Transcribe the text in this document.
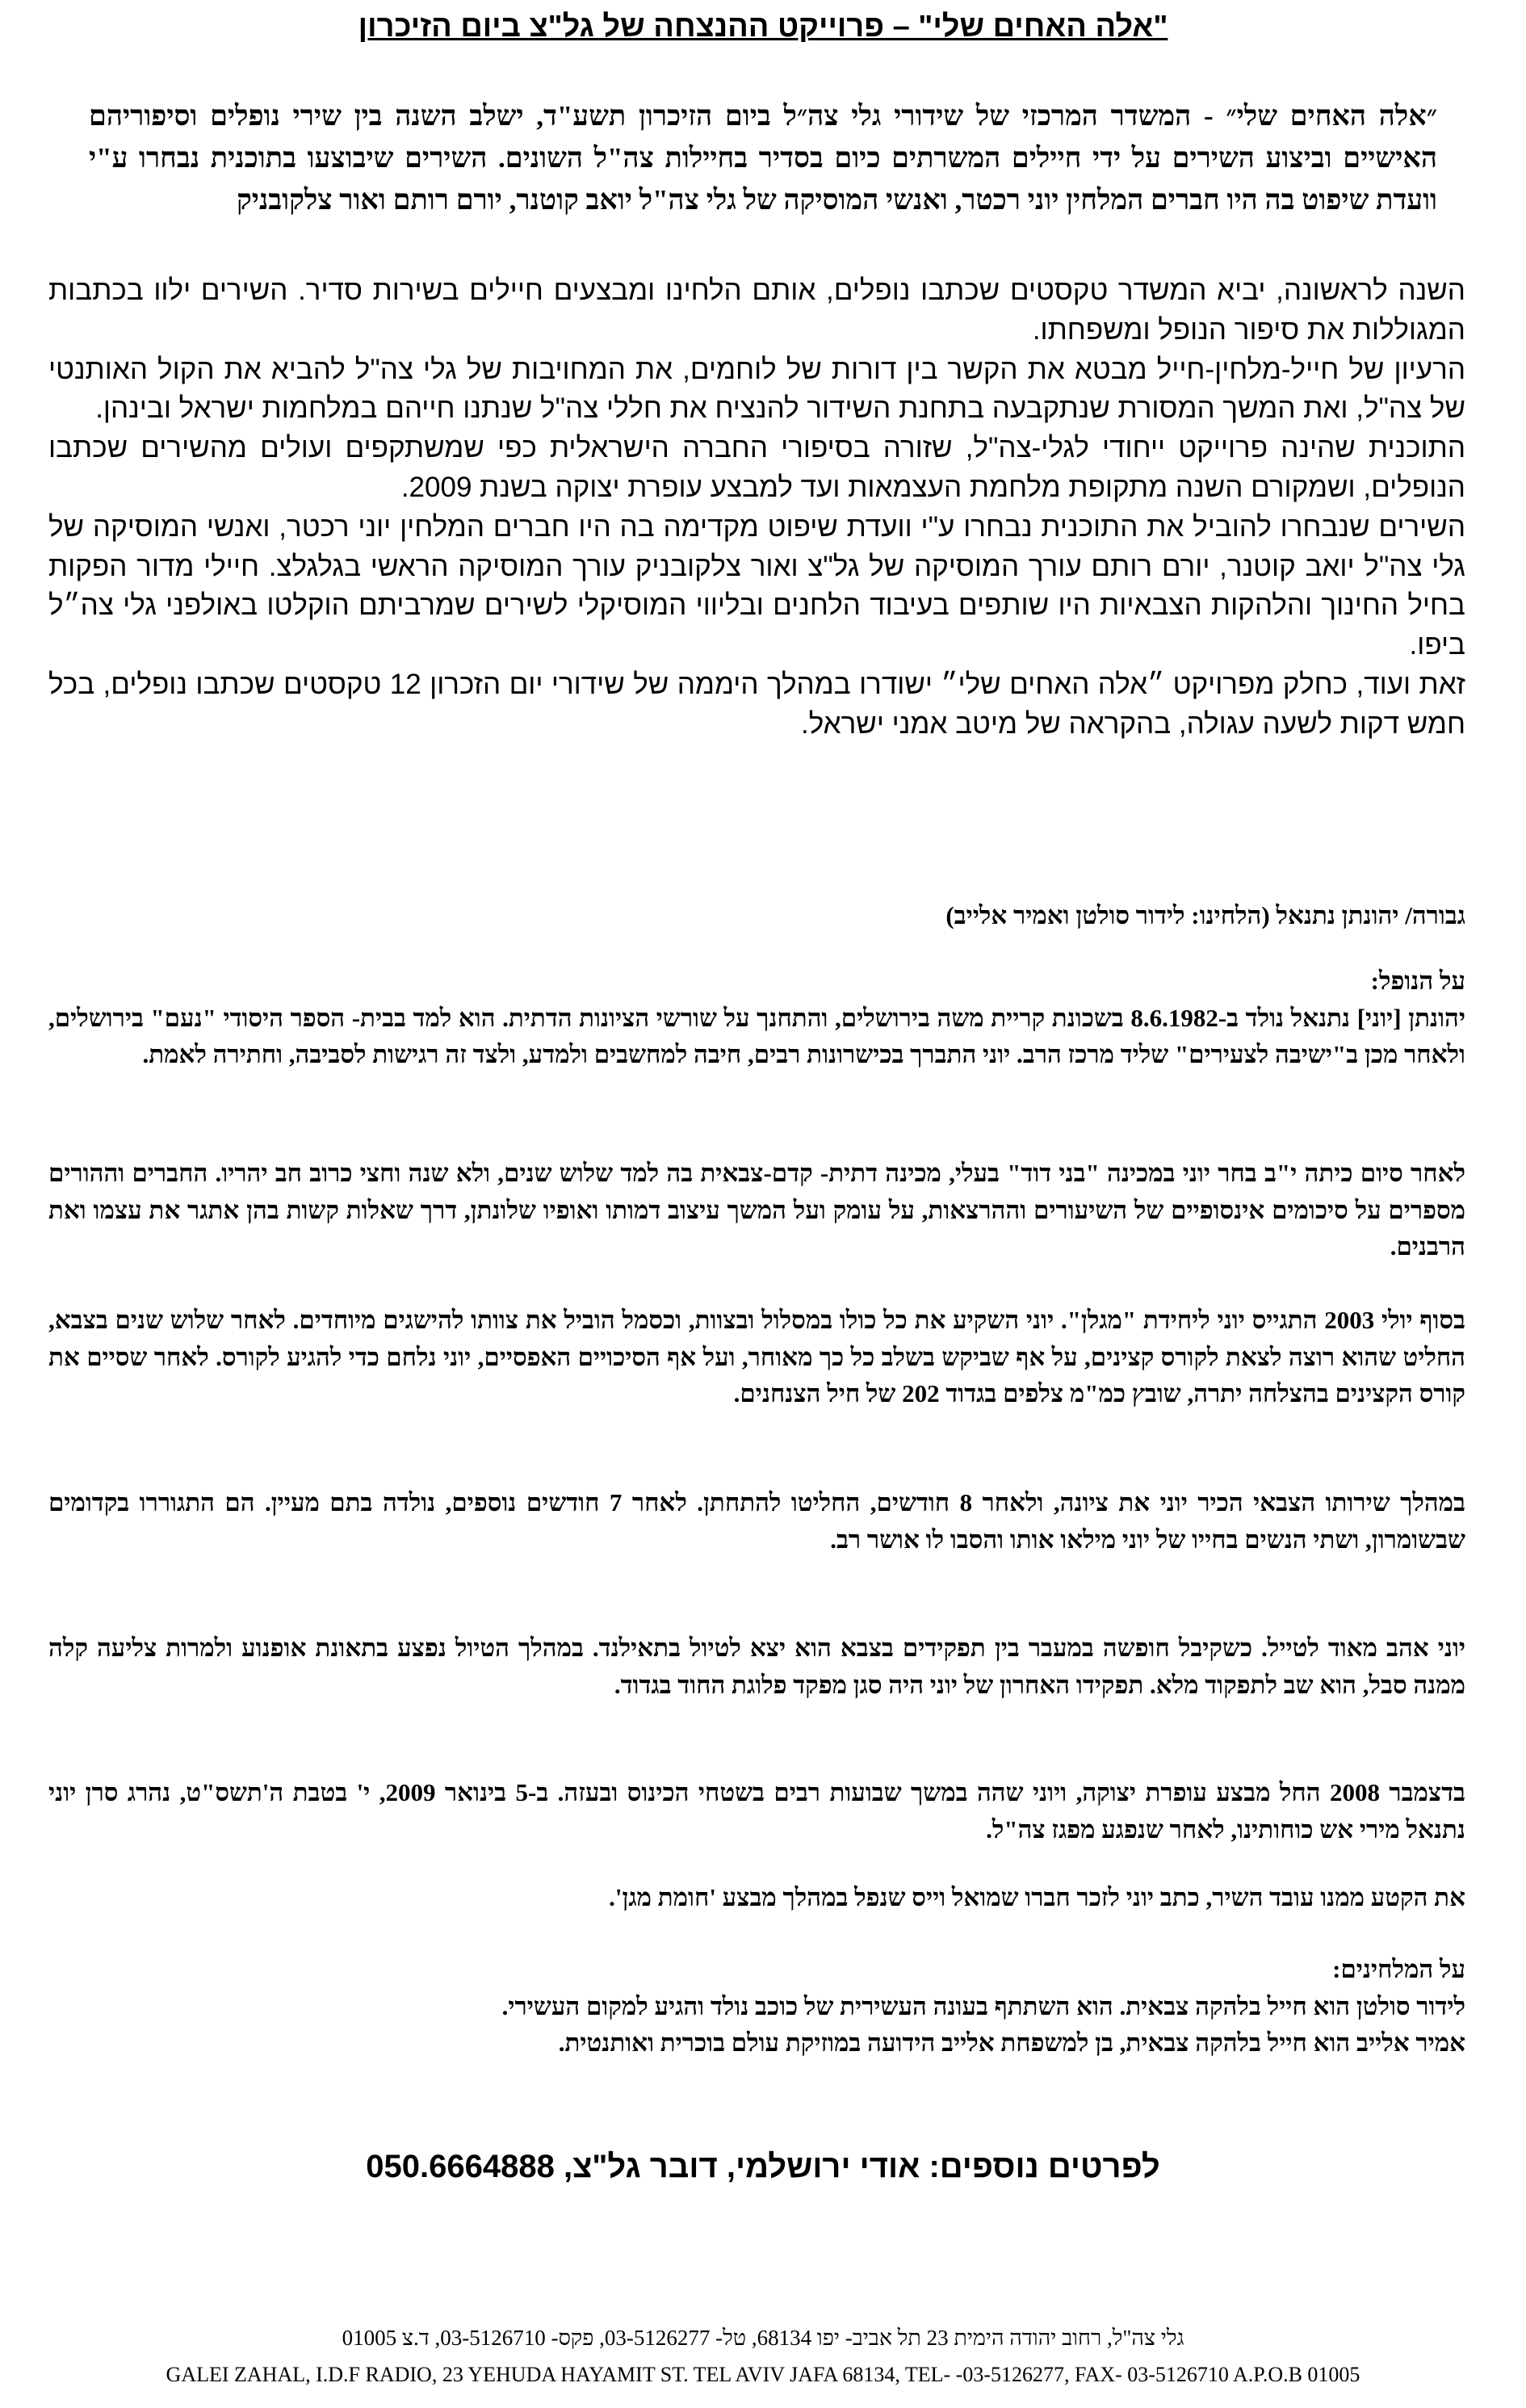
"אלה האחים שלי" – פרוייקט ההנצחה של גל"צ ביום הזיכרון

״אלה האחים שלי״ - המשדר המרכזי של שידורי גלי צה״ל ביום הזיכרון תשע"ד, ישלב השנה בין שירי נופלים וסיפוריהם האישיים וביצוע השירים על ידי חיילים המשרתים כיום בסדיר בחיילות צה"ל השונים. השירים שיבוצעו בתוכנית נבחרו ע"י וועדת שיפוט בה היו חברים המלחין יוני רכטר, ואנשי המוסיקה של גלי צה"ל יואב קוטנר, יורם רותם ואור צלקובניק

השנה לראשונה, יביא המשדר טקסטים שכתבו נופלים, אותם הלחינו ומבצעים חיילים בשירות סדיר. השירים ילוו בכתבות המגוללות את סיפור הנופל ומשפחתו.

הרעיון של חייל-מלחין-חייל מבטא את הקשר בין דורות של לוחמים, את המחויבות של גלי צה"ל להביא את הקול האותנטי של צה"ל, ואת המשך המסורת שנתקבעה בתחנת השידור להנציח את חללי צה"ל שנתנו חייהם במלחמות ישראל ובינהן.

התוכנית שהינה פרוייקט ייחודי לגלי-צה"ל, שזורה בסיפורי החברה הישראלית כפי שמשתקפים ועולים מהשירים שכתבו הנופלים, ושמקורם השנה מתקופת מלחמת העצמאות ועד למבצע עופרת יצוקה בשנת 2009.

השירים שנבחרו להוביל את התוכנית נבחרו ע"י וועדת שיפוט מקדימה בה היו חברים המלחין יוני רכטר, ואנשי המוסיקה של גלי צה"ל יואב קוטנר, יורם רותם עורך המוסיקה של גל"צ ואור צלקובניק עורך המוסיקה הראשי בגלגלצ. חיילי מדור הפקות בחיל החינוך והלהקות הצבאיות היו שותפים בעיבוד הלחנים ובליווי המוסיקלי לשירים שמרביתם הוקלטו באולפני גלי צה״ל ביפו.

זאת ועוד, כחלק מפרויקט ״אלה האחים שלי״ ישודרו במהלך היממה של שידורי יום הזכרון 12 טקסטים שכתבו נופלים, בכל חמש דקות לשעה עגולה, בהקראה של מיטב אמני ישראל.

גבורה/ יהונתן נתנאל (הלחינו: לידור סולטן ואמיר אלייב)

על הנופל:

יהונתן [יוני] נתנאל נולד ב-8.6.1982 בשכונת קריית משה בירושלים, והתחנך על שורשי הציונות הדתית. הוא למד בבית- הספר היסודי "נעם" בירושלים, ולאחר מכן ב"ישיבה לצעירים" שליד מרכז הרב. יוני התברך בכישרונות רבים, חיבה למחשבים ולמדע, ולצד זה רגישות לסביבה, וחתירה לאמת.

לאחר סיום כיתה י"ב בחר יוני במכינה "בני דוד" בעלי, מכינה דתית- קדם-צבאית בה למד שלוש שנים, ולא שנה וחצי כרוב חב יהריו. החברים וההורים מספרים על סיכומים אינסופיים של השיעורים וההרצאות, על עומק ועל המשך עיצוב דמותו ואופיו שלונתן, דרך שאלות קשות בהן אתגר את עצמו ואת הרבנים.

בסוף יולי 2003 התגייס יוני ליחידת "מגלן". יוני השקיע את כל כולו במסלול ובצוות, וכסמל הוביל את צוותו להישגים מיוחדים. לאחר שלוש שנים בצבא, החליט שהוא רוצה לצאת לקורס קצינים, על אף שביקש בשלב כל כך מאוחר, ועל אף הסיכויים האפסיים, יוני נלחם כדי להגיע לקורס. לאחר שסיים את קורס הקצינים בהצלחה יתרה, שובץ כמ"מ צלפים בגדוד 202 של חיל הצנחנים.

במהלך שירותו הצבאי הכיר יוני את ציונה, ולאחר 8 חודשים, החליטו להתחתן. לאחר 7 חודשים נוספים, נולדה בתם מעיין. הם התגוררו בקדומים שבשומרון, ושתי הנשים בחייו של יוני מילאו אותו והסבו לו אושר רב.

יוני אהב מאוד לטייל. כשקיבל חופשה במעבר בין תפקידים בצבא הוא יצא לטיול בתאילנד. במהלך הטיול נפצע בתאונת אופנוע ולמרות צליעה קלה ממנה סבל, הוא שב לתפקוד מלא. תפקידו האחרון של יוני היה סגן מפקד פלוגת החוד בגדוד.

בדצמבר 2008 החל מבצע עופרת יצוקה, ויוני שהה במשך שבועות רבים בשטחי הכינוס ובעזה. ב-5 בינואר 2009, י' בטבת ה'תשס"ט, נהרג סרן יוני נתנאל מירי אש כוחותינו, לאחר שנפגע מפגז צה"ל.

את הקטע ממנו עובד השיר, כתב יוני לזכר חברו שמואל וייס שנפל במהלך מבצע 'חומת מגן'.

על המלחינים:
לידור סולטן הוא חייל בלהקה צבאית. הוא השתתף בעונה העשירית של כוכב נולד והגיע למקום העשירי.
אמיר אלייב הוא חייל בלהקה צבאית, בן למשפחת אלייב הידועה במוזיקת עולם בוכרית ואותנטית.

לפרטים נוספים: אודי ירושלמי, דובר גל"צ, 050.6664888

גלי צה"ל, רחוב יהודה הימית 23 תל אביב- יפו 68134, טל- 03-5126277, פקס- 03-5126710, ד.צ 01005

GALEI ZAHAL, I.D.F RADIO, 23 YEHUDA HAYAMIT ST. TEL AVIV JAFA 68134, TEL- -03-5126277, FAX- 03-5126710 A.P.O.B 01005
